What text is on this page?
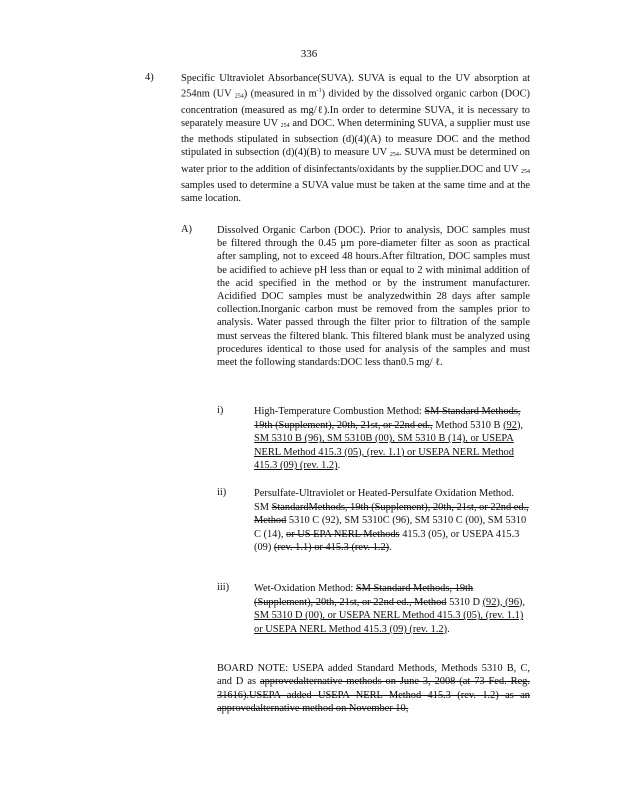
336
4)	Specific Ultraviolet Absorbance(SUVA). SUVA is equal to the UV absorption at 254nm (UV $_{254}$) (measured in $m^{-1}$) divided by the dissolved organic carbon (DOC) concentration (measured as mg/ℓ).In order to determine SUVA, it is necessary to separately measure UV $_{254}$ and DOC. When determining SUVA, a supplier must use the methods stipulated in subsection (d)(4)(A) to measure DOC and the method stipulated in subsection (d)(4)(B) to measure UV $_{254}$. SUVA must be determined on water prior to the addition of disinfectants/oxidants by the supplier.DOC and UV $_{254}$ samples used to determine a SUVA value must be taken at the same time and at the same location.
A) Dissolved Organic Carbon (DOC). Prior to analysis, DOC samples must be filtered through the 0.45 μm pore-diameter filter as soon as practical after sampling, not to exceed 48 hours.After filtration, DOC samples must be acidified to achieve pH less than or equal to 2 with minimal addition of the acid specified in the method or by the instrument manufacturer. Acidified DOC samples must be analyzedwithin 28 days after sample collection.Inorganic carbon must be removed from the samples prior to analysis. Water passed through the filter prior to filtration of the sample must serveas the filtered blank. This filtered blank must be analyzed using procedures identical to those used for analysis of the samples and must meet the following standards:DOC less than0.5 mg/ ℓ.
i)	High-Temperature Combustion Method: SM Standard Methods, 19th (Supplement), 20th, 21st, or 22nd ed., Method 5310 B (92), SM 5310 B (96), SM 5310B (00), SM 5310 B (14), or USEPA NERL Method 415.3 (05), (rev. 1.1) or USEPA NERL Method 415.3 (09) (rev. 1.2).
ii)	Persulfate-Ultraviolet or Heated-Persulfate Oxidation Method. SM StandardMethods, 19th (Supplement), 20th, 21st, or 22nd ed., Method 5310 C (92), SM 5310C (96), SM 5310 C (00), SM 5310 C (14), or US EPA NERL Methods 415.3 (05), or USEPA 415.3 (09) (rev. 1.1) or 415.3 (rev. 1.2).
iii) Wet-Oxidation Method: SM Standard Methods, 19th (Supplement), 20th, 21st, or 22nd ed., Method 5310 D (92), (96), SM 5310 D (00), or USEPA NERL Method 415.3 (05), (rev. 1.1) or USEPA NERL Method 415.3 (09) (rev. 1.2).
BOARD NOTE: USEPA added Standard Methods, Methods 5310 B, C, and D as approvedalternative methods on June 3, 2008 (at 73 Fed. Reg. 31616).USEPA added USEPA NERL Method 415.3 (rev. 1.2) as an approvedalternative method on November 10,
